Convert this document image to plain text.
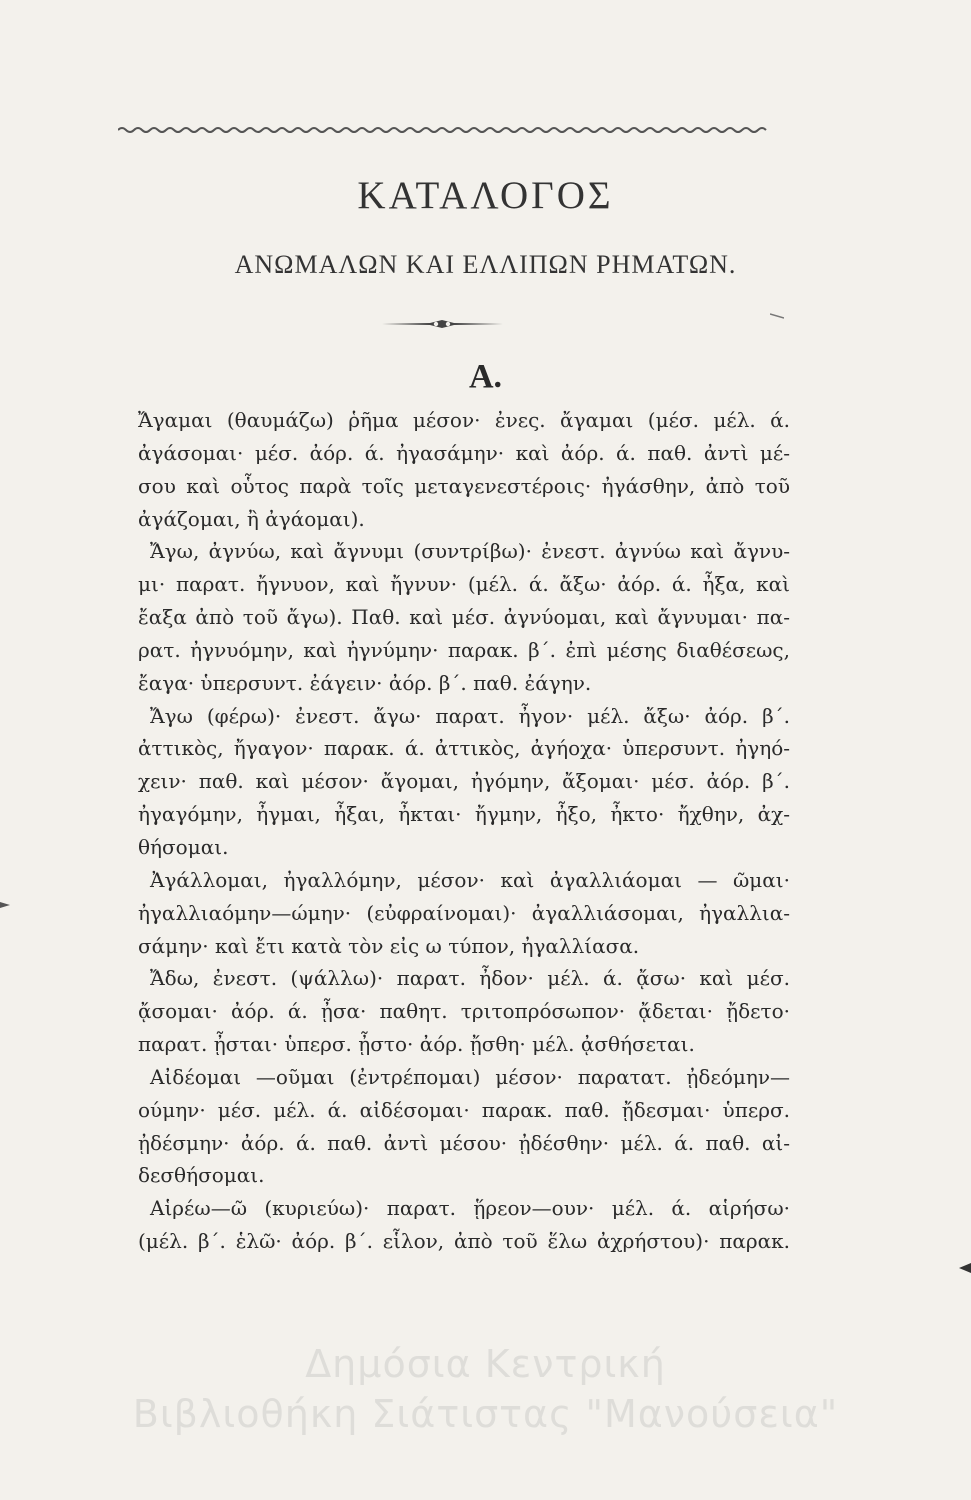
ΚΑΤΑΛΟΓΟΣ
ΑΝΩΜΑΛΩΝ ΚΑΙ ΕΛΛΙΠΩΝ ΡΗΜΑΤΩΝ.
Α.
Ἄγαμαι (θαυμάζω) ῥῆμα μέσον· ἐνες. ἄγαμαι (μέσ. μέλ. ά.
ἀγάσομαι· μέσ. ἀόρ. ά. ἠγασάμην· καὶ ἀόρ. ά. παθ. ἀντὶ μέ-
σου καὶ οὗτος παρὰ τοῖς μεταγενεστέροις· ἠγάσθην, ἀπὸ τοῦ
ἀγάζομαι, ἢ ἀγάομαι).
Ἄγω, ἀγνύω, καὶ ἄγνυμι (συντρίβω)· ἐνεστ. ἀγνύω καὶ ἄγνυ-
μι· παρατ. ἤγνυον, καὶ ἤγνυν· (μέλ. ά. ἄξω· ἀόρ. ά. ἦξα, καὶ
ἔαξα ἀπὸ τοῦ ἄγω). Παθ. καὶ μέσ. ἀγνύομαι, καὶ ἄγνυμαι· πα-
ρατ. ἠγνυόμην, καὶ ἠγνύμην· παρακ. β΄. ἐπὶ μέσης διαθέσεως,
ἔαγα· ὑπερσυντ. ἐάγειν· ἀόρ. β΄. παθ. ἐάγην.
Ἄγω (φέρω)· ἐνεστ. ἄγω· παρατ. ἦγον· μέλ. ἄξω· ἀόρ. β΄.
ἀττικὸς, ἤγαγον· παρακ. ά. ἀττικὸς, ἀγήοχα· ὑπερσυντ. ἠγηό-
χειν· παθ. καὶ μέσον· ἄγομαι, ἠγόμην, ἄξομαι· μέσ. ἀόρ. β΄.
ἠγαγόμην, ἦγμαι, ἦξαι, ἦκται· ἤγμην, ἦξο, ἦκτο· ἤχθην, ἀχ-
θήσομαι.
Ἀγάλλομαι, ἠγαλλόμην, μέσον· καὶ ἀγαλλιάομαι — ῶμαι·
ἠγαλλιαόμην—ώμην· (εὐφραίνομαι)· ἀγαλλιάσομαι, ἠγαλλια-
σάμην· καὶ ἔτι κατὰ τὸν εἰς ω τύπον, ἠγαλλίασα.
Ἄδω, ἐνεστ. (ψάλλω)· παρατ. ἦδον· μέλ. ά. ᾄσω· καὶ μέσ.
ᾄσομαι· ἀόρ. ά. ᾖσα· παθητ. τριτοπρόσωπον· ᾄδεται· ᾔδετο·
παρατ. ᾖσται· ὑπερσ. ᾖστο· ἀόρ. ᾔσθη· μέλ. ᾀσθήσεται.
Αἰδέομαι —οῦμαι (ἐντρέπομαι) μέσον· παρατατ. ᾐδεόμην—
ούμην· μέσ. μέλ. ά. αἰδέσομαι· παρακ. παθ. ᾔδεσμαι· ὑπερσ.
ᾐδέσμην· ἀόρ. ά. παθ. ἀντὶ μέσου· ᾐδέσθην· μέλ. ά. παθ. αἰ-
δεσθήσομαι.
Αἱρέω—ῶ (κυριεύω)· παρατ. ᾕρεον—ουν· μέλ. ά. αἱρήσω·
(μέλ. β΄. ἑλῶ· ἀόρ. β΄. εἷλον, ἀπὸ τοῦ ἕλω ἀχρήστου)· παρακ.
Δημόσια Κεντρική
Βιβλιοθήκη Σιάτιστας "Μανούσεια"
